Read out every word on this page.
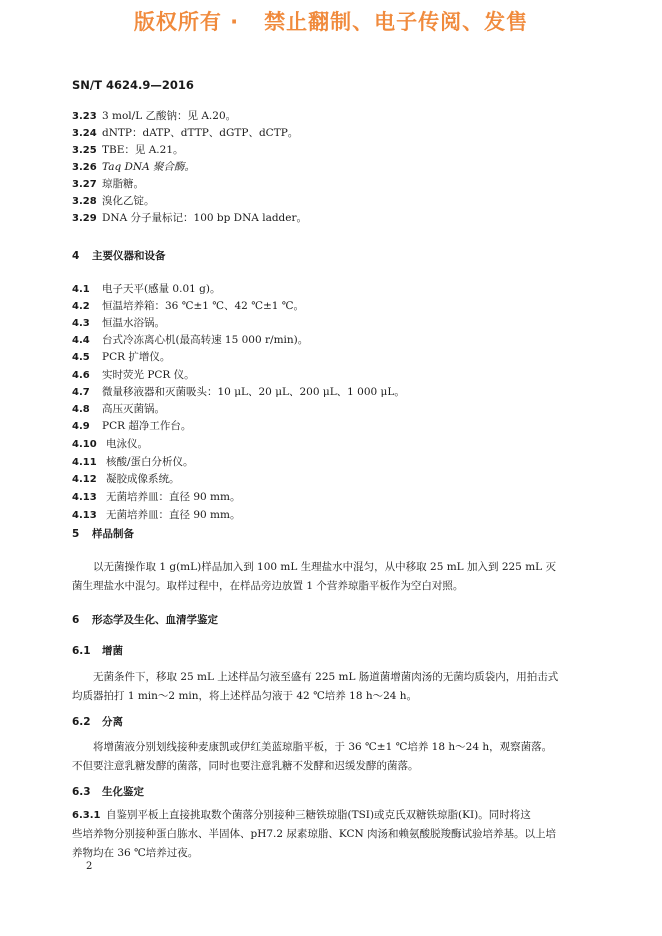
版权所有 ·   禁止翻制、电子传阅、发售
SN/T 4624.9—2016
3.23 3 mol/L 乙酸钠：见 A.20。
3.24 dNTP：dATP、dTTP、dGTP、dCTP。
3.25 TBE：见 A.21。
3.26 Taq DNA 聚合酶。
3.27 琼脂糖。
3.28 溴化乙锭。
3.29 DNA 分子量标记：100 bp DNA ladder。
4 主要仪器和设备
4.1 电子天平(感量 0.01 g)。
4.2 恒温培养箱：36 ℃±1 ℃、42 ℃±1 ℃。
4.3 恒温水浴锅。
4.4 台式冷冻离心机(最高转速 15 000 r/min)。
4.5 PCR 扩增仪。
4.6 实时荧光 PCR 仪。
4.7 微量移液器和灭菌吸头：10 μL、20 μL、200 μL、1 000 μL。
4.8 高压灭菌锅。
4.9 PCR 超净工作台。
4.10 电泳仪。
4.11 核酸/蛋白分析仪。
4.12 凝胶成像系统。
4.13 无菌培养皿：直径 90 mm。
5 样品制备
以无菌操作取 1 g(mL)样品加入到 100 mL 生理盐水中混匀，从中移取 25 mL 加入到 225 mL 灭
菌生理盐水中混匀。取样过程中，在样品旁边放置 1 个营养琼脂平板作为空白对照。
6 形态学及生化、血清学鉴定
6.1 增菌
无菌条件下，移取 25 mL 上述样品匀液至盛有 225 mL 肠道菌增菌肉汤的无菌均质袋内，用拍击式
均质器拍打 1 min～2 min，将上述样品匀液于 42 ℃培养 18 h～24 h。
6.2 分离
将增菌液分别划线接种麦康凯或伊红美蓝琼脂平板，于 36 ℃±1 ℃培养 18 h～24 h，观察菌落。
不但要注意乳糖发酵的菌落，同时也要注意乳糖不发酵和迟缓发酵的菌落。
6.3 生化鉴定
6.3.1 自鉴别平板上直接挑取数个菌落分别接种三糖铁琼脂(TSI)或克氏双糖铁琼脂(KI)。同时将这
些培养物分别接种蛋白胨水、半固体、pH7.2 尿素琼脂、KCN 肉汤和赖氨酸脱羧酶试验培养基。以上培
养物均在 36 ℃培养过夜。
2
4.13 无菌培养皿：直径 90 mm。
